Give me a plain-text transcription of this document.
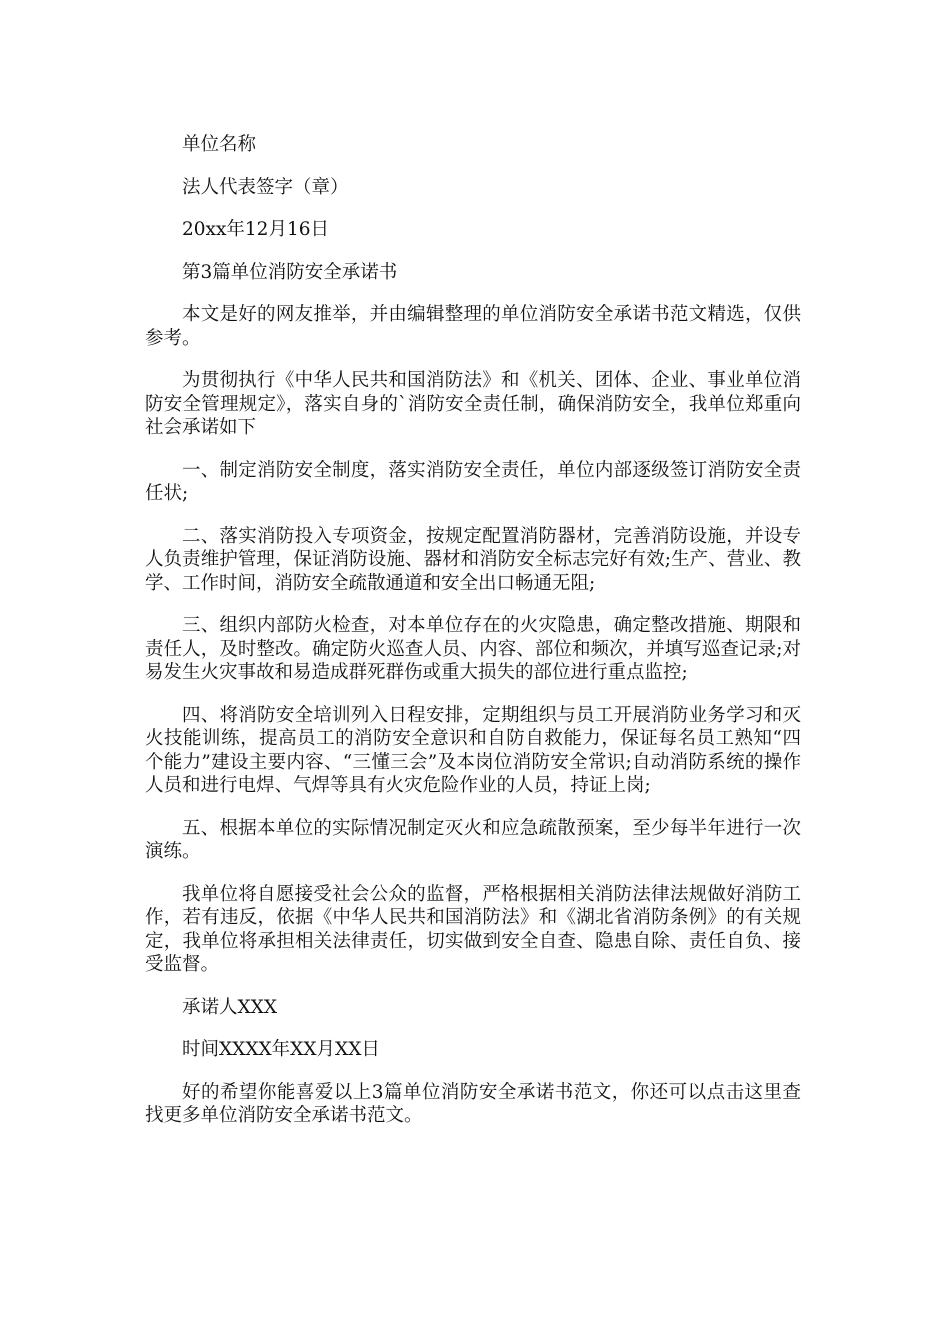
单位名称

法人代表签字（章）

20xx年12月16日

第3篇单位消防安全承诺书

本文是好的网友推举，并由编辑整理的单位消防安全承诺书范文精选，仅供参考。

为贯彻执行《中华人民共和国消防法》和《机关、团体、企业、事业单位消防安全管理规定》，落实自身的`消防安全责任制，确保消防安全，我单位郑重向社会承诺如下

一、制定消防安全制度，落实消防安全责任，单位内部逐级签订消防安全责任状;

二、落实消防投入专项资金，按规定配置消防器材，完善消防设施，并设专人负责维护管理，保证消防设施、器材和消防安全标志完好有效;生产、营业、教学、工作时间，消防安全疏散通道和安全出口畅通无阻;

三、组织内部防火检查，对本单位存在的火灾隐患，确定整改措施、期限和责任人，及时整改。确定防火巡查人员、内容、部位和频次，并填写巡查记录;对易发生火灾事故和易造成群死群伤或重大损失的部位进行重点监控;

四、将消防安全培训列入日程安排，定期组织与员工开展消防业务学习和灭火技能训练，提高员工的消防安全意识和自防自救能力，保证每名员工熟知“四个能力”建设主要内容、“三懂三会”及本岗位消防安全常识;自动消防系统的操作人员和进行电焊、气焊等具有火灾危险作业的人员，持证上岗;

五、根据本单位的实际情况制定灭火和应急疏散预案，至少每半年进行一次演练。

我单位将自愿接受社会公众的监督，严格根据相关消防法律法规做好消防工作，若有违反，依据《中华人民共和国消防法》和《湖北省消防条例》的有关规定，我单位将承担相关法律责任，切实做到安全自查、隐患自除、责任自负、接受监督。

承诺人XXX

时间XXXX年XX月XX日

好的希望你能喜爱以上3篇单位消防安全承诺书范文，你还可以点击这里查找更多单位消防安全承诺书范文。
